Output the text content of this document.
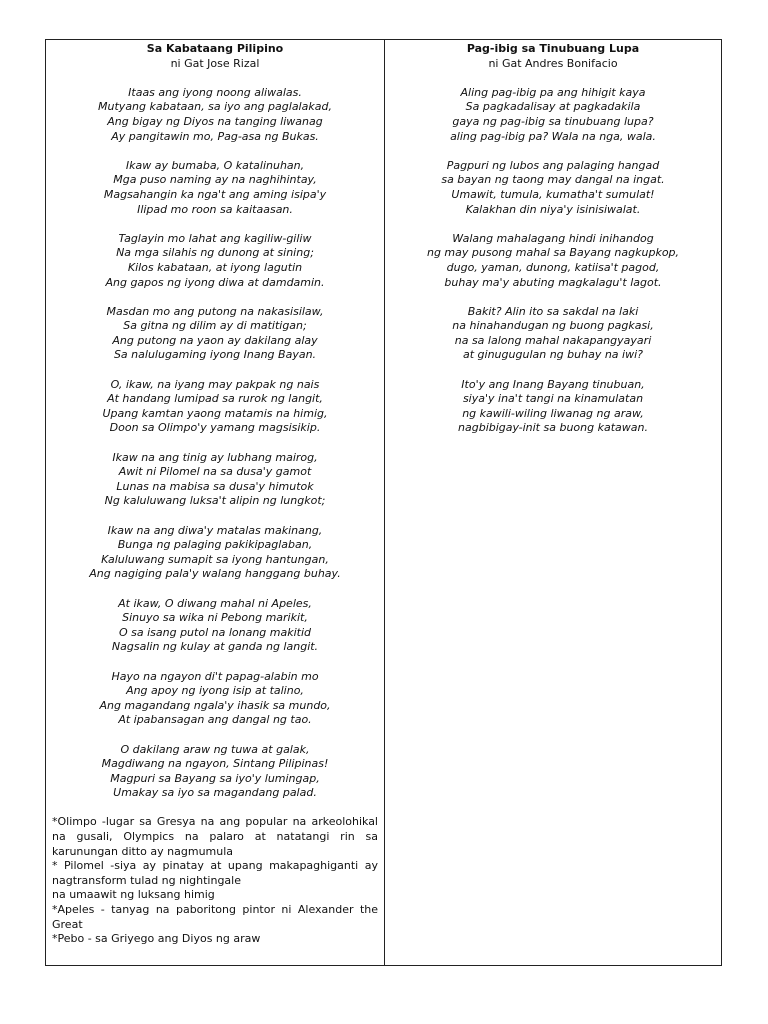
Sa Kabataang Pilipino
ni Gat Jose Rizal
Itaas ang iyong noong aliwalas.
Mutyang kabataan, sa iyo ang paglalakad,
Ang bigay ng Diyos na tanging liwanag
Ay pangitawin mo, Pag-asa ng Bukas.
Ikaw ay bumaba, O katalinuhan,
Mga puso naming ay na naghihintay,
Magsahangin ka nga't ang aming isipa'y
Ilipad mo roon sa kaitaasan.
Taglayin mo lahat ang kagiliw-giliw
Na mga silahis ng dunong at sining;
Kilos kabataan, at iyong lagutin
Ang gapos ng iyong diwa at damdamin.
Masdan mo ang putong na nakasisilaw,
Sa gitna ng dilim ay di matitigan;
Ang putong na yaon ay dakilang alay
Sa nalulugaming iyong Inang Bayan.
O, ikaw, na iyang may pakpak ng nais
At handang lumipad sa rurok ng langit,
Upang kamtan yaong matamis na himig,
Doon sa Olimpo'y yamang magsisikip.
Ikaw na ang tinig ay lubhang mairog,
Awit ni Pilomel na sa dusa'y gamot
Lunas na mabisa sa dusa'y himutok
Ng kaluluwang luksa't alipin ng lungkot;
Ikaw na ang diwa'y matalas makinang,
Bunga ng palaging pakikipaglaban,
Kaluluwang sumapit sa iyong hantungan,
Ang nagiging pala'y walang hanggang buhay.
At ikaw, O diwang mahal ni Apeles,
Sinuyo sa wika ni Pebong marikit,
O sa isang putol na lonang makitid
Nagsalin ng kulay at ganda ng langit.
Hayo na ngayon di't papag-alabin mo
Ang apoy ng iyong isip at talino,
Ang magandang ngala'y ihasik sa mundo,
At ipabansagan ang dangal ng tao.
O dakilang araw ng tuwa at galak,
Magdiwang na ngayon, Sintang Pilipinas!
Magpuri sa Bayang sa iyo'y lumingap,
Umakay sa iyo sa magandang palad.
*Olimpo -lugar sa Gresya na ang popular na arkeolohikal na gusali, Olympics na palaro at natatangi rin sa karunungan ditto ay nagmumula
* Pilomel -siya ay pinatay at upang makapaghiganti ay nagtransform tulad ng nightingale
na umaawit ng luksang himig
*Apeles - tanyag na paboritong pintor ni Alexander the Great
*Pebo - sa Griyego ang Diyos ng araw
Pag-ibig sa Tinubuang Lupa
ni Gat Andres Bonifacio
Aling pag-ibig pa ang hihigit kaya
Sa pagkadalisay at pagkadakila
gaya ng pag-ibig sa tinubuang lupa?
aling pag-ibig pa? Wala na nga, wala.
Pagpuri ng lubos ang palaging hangad
sa bayan ng taong may dangal na ingat.
Umawit, tumula, kumatha't sumulat!
Kalakhan din niya'y isinisiwalat.
Walang mahalagang hindi inihandog
ng may pusong mahal sa Bayang nagkupkop,
dugo, yaman, dunong, katiisa't pagod,
buhay ma'y abuting magkalagu't lagot.
Bakit? Alin ito sa sakdal na laki
na hinahandugan ng buong pagkasi,
na sa lalong mahal nakapangyayari
at ginugugulan ng buhay na iwi?
Ito'y ang Inang Bayang tinubuan,
siya'y ina't tangi na kinamulatan
ng kawili-wiling liwanag ng araw,
nagbibigay-init sa buong katawan.
